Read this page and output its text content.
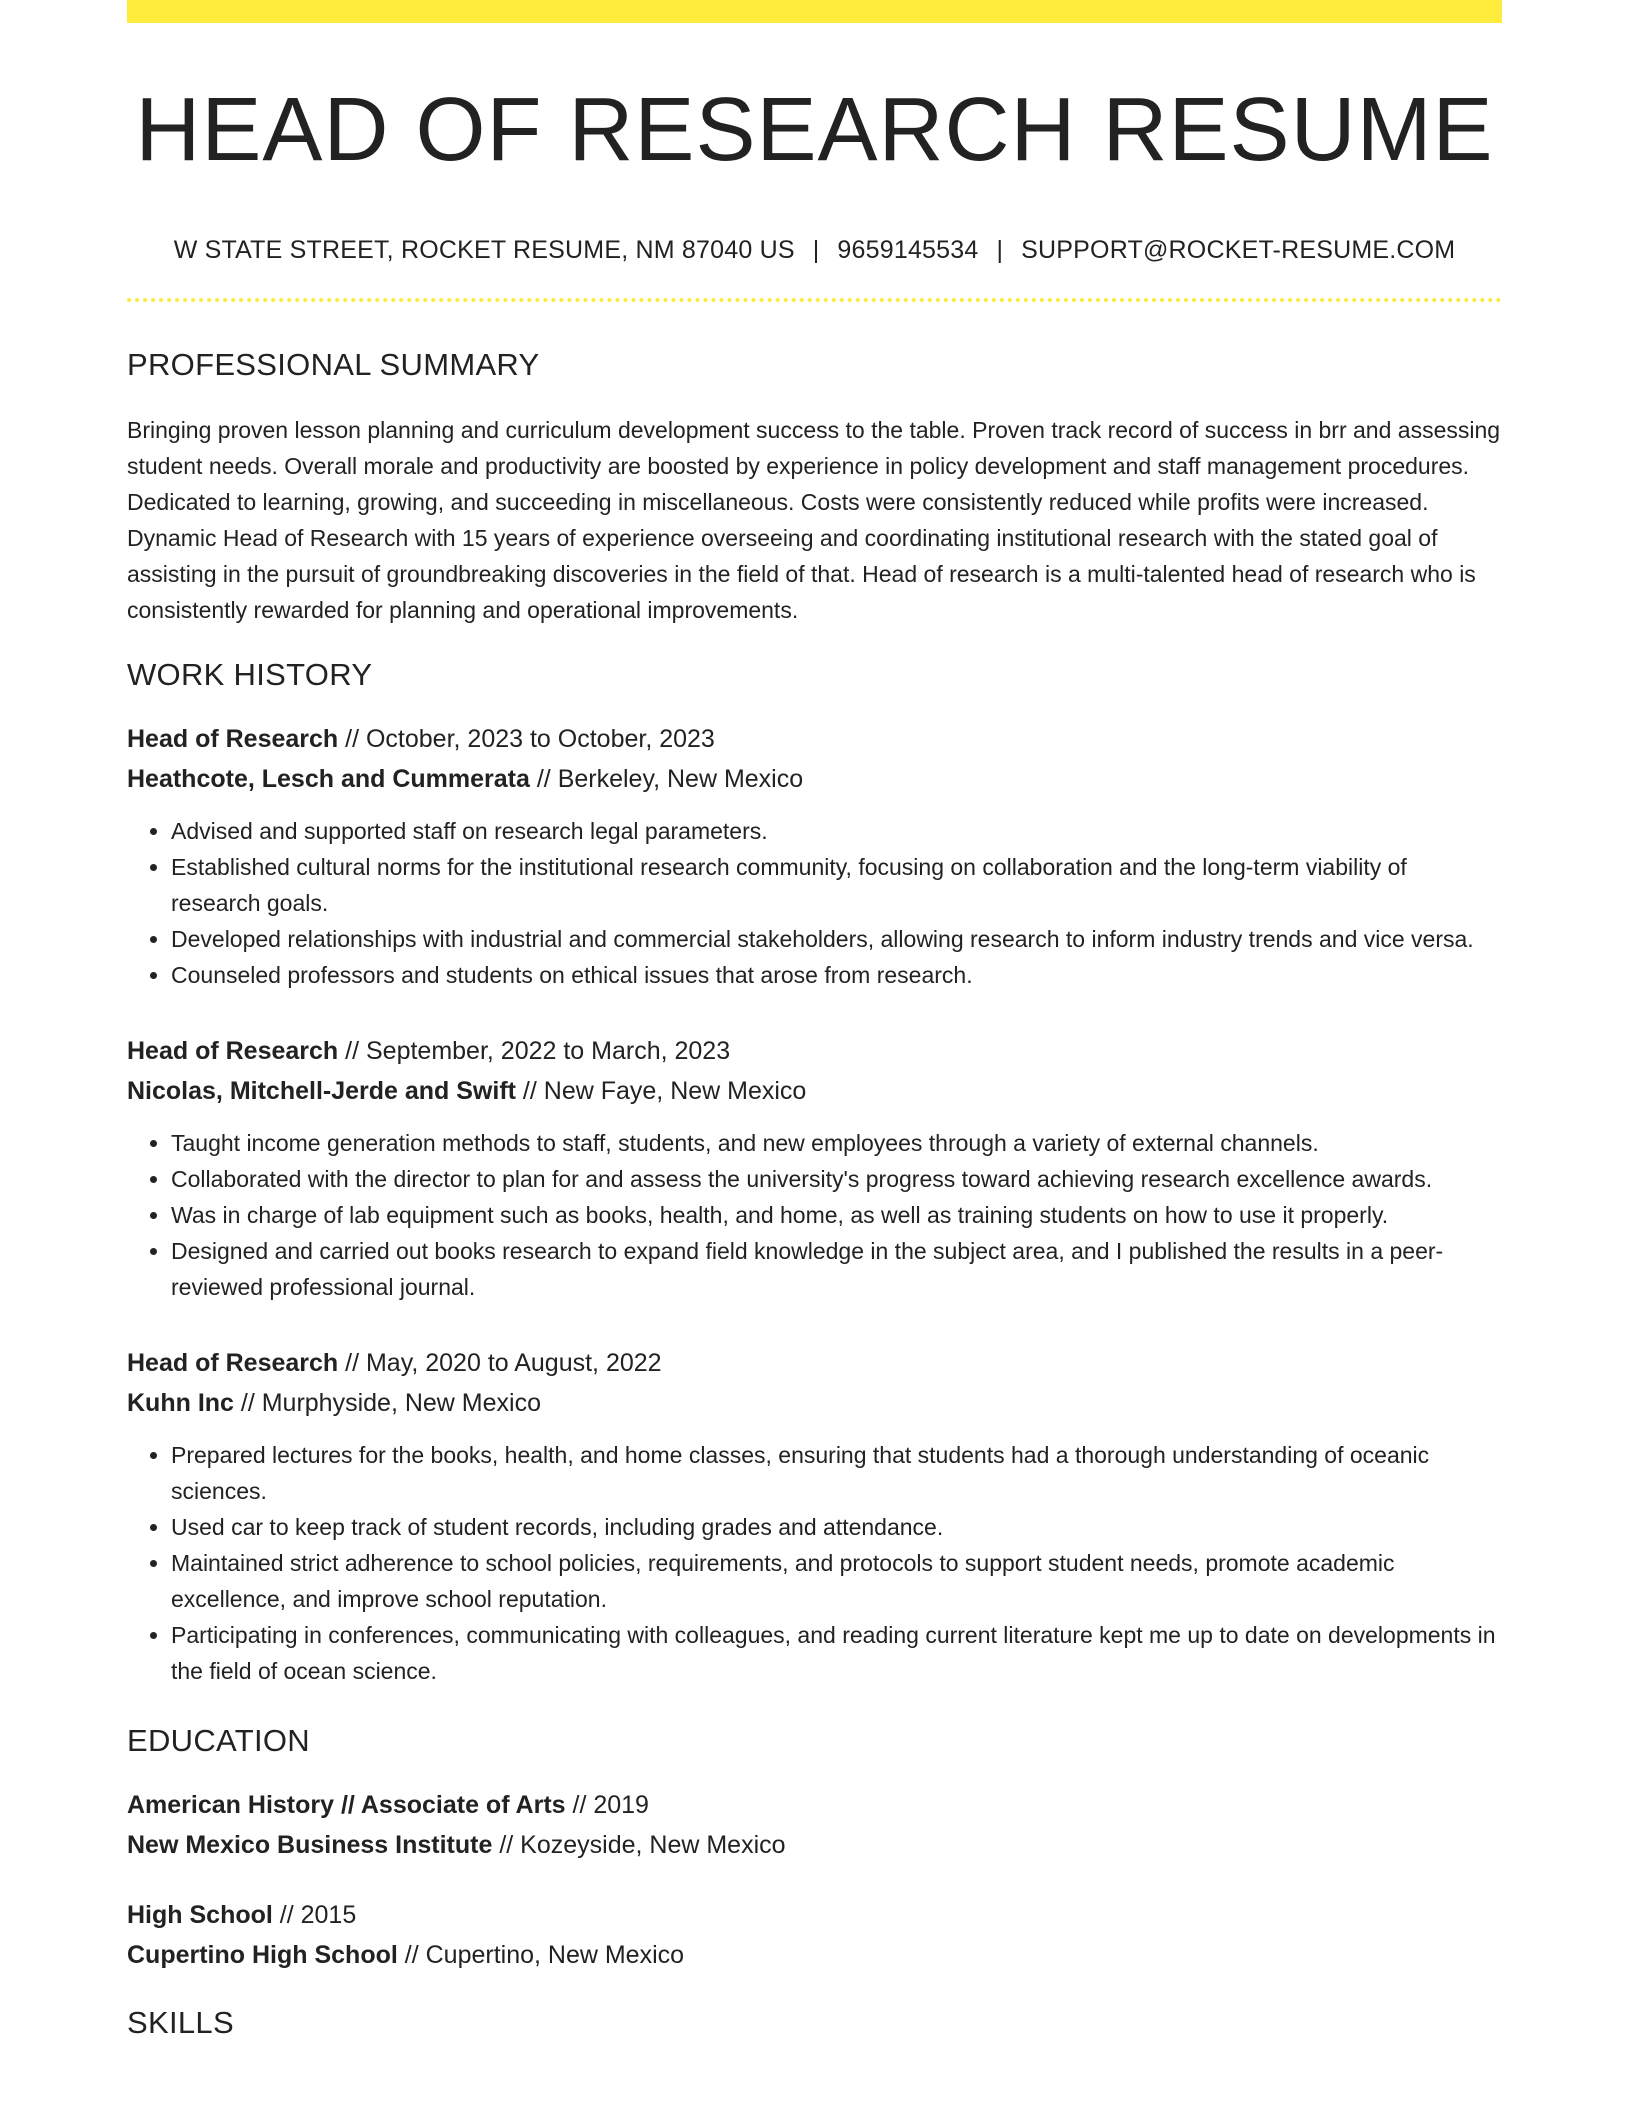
HEAD OF RESEARCH RESUME
W STATE STREET, ROCKET RESUME, NM 87040 US | 9659145534 | SUPPORT@ROCKET-RESUME.COM
PROFESSIONAL SUMMARY
Bringing proven lesson planning and curriculum development success to the table. Proven track record of success in brr and assessing student needs. Overall morale and productivity are boosted by experience in policy development and staff management procedures. Dedicated to learning, growing, and succeeding in miscellaneous. Costs were consistently reduced while profits were increased. Dynamic Head of Research with 15 years of experience overseeing and coordinating institutional research with the stated goal of assisting in the pursuit of groundbreaking discoveries in the field of that. Head of research is a multi-talented head of research who is consistently rewarded for planning and operational improvements.
WORK HISTORY
Head of Research // October, 2023 to October, 2023
Heathcote, Lesch and Cummerata // Berkeley, New Mexico
• Advised and supported staff on research legal parameters.
• Established cultural norms for the institutional research community, focusing on collaboration and the long-term viability of research goals.
• Developed relationships with industrial and commercial stakeholders, allowing research to inform industry trends and vice versa.
• Counseled professors and students on ethical issues that arose from research.
Head of Research // September, 2022 to March, 2023
Nicolas, Mitchell-Jerde and Swift // New Faye, New Mexico
• Taught income generation methods to staff, students, and new employees through a variety of external channels.
• Collaborated with the director to plan for and assess the university's progress toward achieving research excellence awards.
• Was in charge of lab equipment such as books, health, and home, as well as training students on how to use it properly.
• Designed and carried out books research to expand field knowledge in the subject area, and I published the results in a peer-reviewed professional journal.
Head of Research // May, 2020 to August, 2022
Kuhn Inc // Murphyside, New Mexico
• Prepared lectures for the books, health, and home classes, ensuring that students had a thorough understanding of oceanic sciences.
• Used car to keep track of student records, including grades and attendance.
• Maintained strict adherence to school policies, requirements, and protocols to support student needs, promote academic excellence, and improve school reputation.
• Participating in conferences, communicating with colleagues, and reading current literature kept me up to date on developments in the field of ocean science.
EDUCATION
American History // Associate of Arts // 2019
New Mexico Business Institute // Kozeyside, New Mexico
High School // 2015
Cupertino High School // Cupertino, New Mexico
SKILLS
